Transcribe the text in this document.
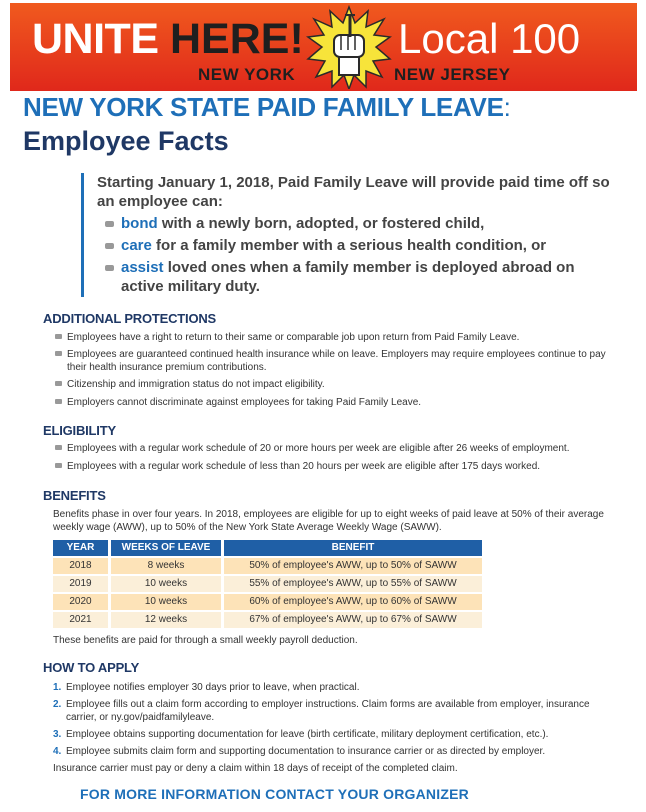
UNITE HERE! Local 100
NEW YORK	NEW JERSEY
NEW YORK STATE PAID FAMILY LEAVE:
Employee Facts

Starting January 1, 2018, Paid Family Leave will provide paid time off so an employee can:

bond with a newly born, adopted, or fostered child,
care for a family member with a serious health condition, or
assist loved ones when a family member is deployed abroad on active military duty.
ADDITIONAL PROTECTIONS
Employees have a right to return to their same or comparable job upon return from Paid Family Leave.
Employees are guaranteed continued health insurance while on leave. Employers may require employees continue to pay their health insurance premium contributions.
Citizenship and immigration status do not impact eligibility.
Employers cannot discriminate against employees for taking Paid Family Leave.
ELIGIBILITY
Employees with a regular work schedule of 20 or more hours per week are eligible after 26 weeks of employment.
Employees with a regular work schedule of less than 20 hours per week are eligible after 175 days worked.
BENEFITS
Benefits phase in over four years. In 2018, employees are eligible for up to eight weeks of paid leave at 50% of their average weekly wage (AWW), up to 50% of the New York State Average Weekly Wage (SAWW).
YEAR	WEEKS OF LEAVE	BENEFIT
2018	8 weeks	50% of employee's AWW, up to 50% of SAWW
2019	10 weeks	55% of employee's AWW, up to 55% of SAWW
2020	10 weeks	60% of employee's AWW, up to 60% of SAWW
2021	12 weeks	67% of employee's AWW, up to 67% of SAWW
These benefits are paid for through a small weekly payroll deduction.
HOW TO APPLY
1. Employee notifies employer 30 days prior to leave, when practical.
2. Employee fills out a claim form according to employer instructions. Claim forms are available from employer, insurance carrier, or ny.gov/paidfamilyleave.
3. Employee obtains supporting documentation for leave (birth certificate, military deployment certification, etc.).
4. Employee submits claim form and supporting documentation to insurance carrier or as directed by employer.
Insurance carrier must pay or deny a claim within 18 days of receipt of the completed claim.
FOR MORE INFORMATION CONTACT YOUR ORGANIZER
